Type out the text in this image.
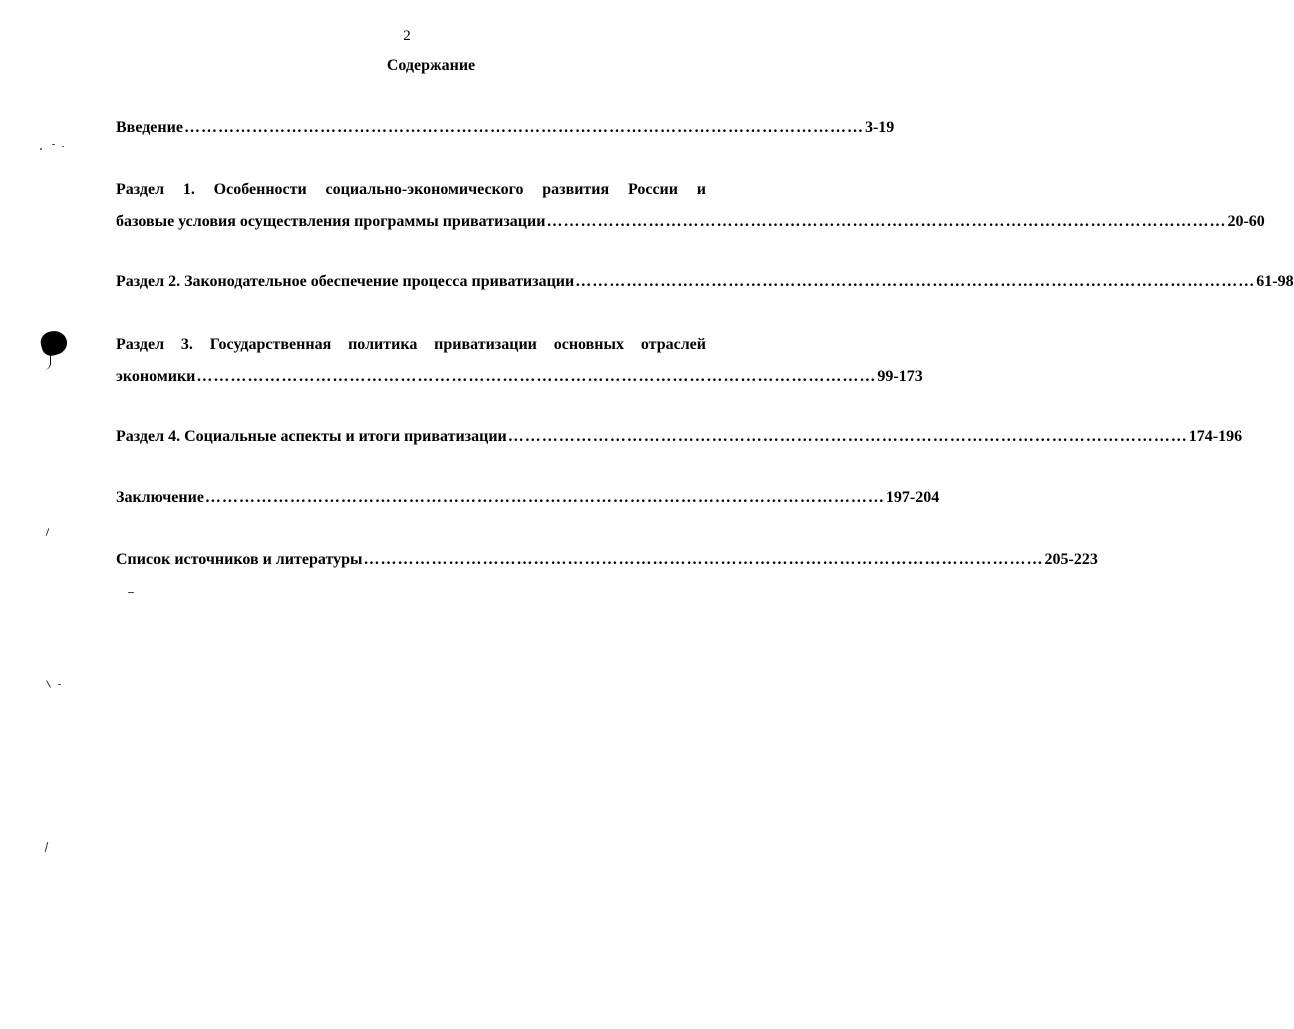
2
Содержание
Введение ………………………………………………………………………………………………………… 3-19
Раздел 1. Особенности социально-экономического развития России и
базовые условия осуществления программы приватизации ………………………………………………………………………………………………………… 20-60
Раздел 2. Законодательное обеспечение процесса приватизации ………………………………………………………………………………………………………… 61-98
Раздел 3. Государственная политика приватизации основных отраслей
экономики ………………………………………………………………………………………………………… 99-173
Раздел 4. Социальные аспекты и итоги приватизации ………………………………………………………………………………………………………… 174-196
Заключение ………………………………………………………………………………………………………… 197-204
Список источников и литературы ………………………………………………………………………………………………………… 205-223
